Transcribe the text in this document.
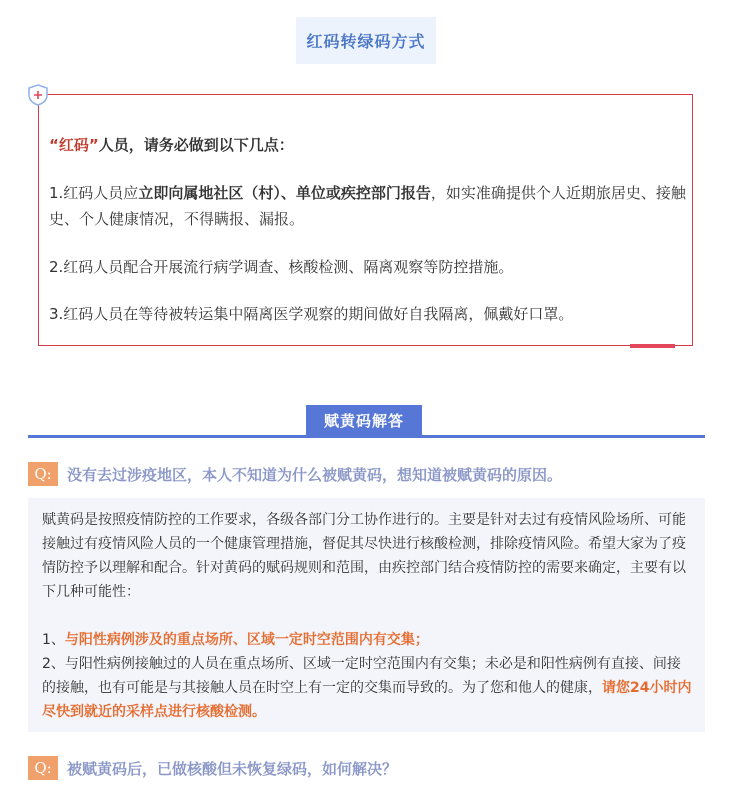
红码转绿码方式

“红码”人员，请务必做到以下几点：

1.红码人员应立即向属地社区（村）、单位或疾控部门报告，如实准确提供个人近期旅居史、接触史、个人健康情况，不得瞒报、漏报。

2.红码人员配合开展流行病学调查、核酸检测、隔离观察等防控措施。

3.红码人员在等待被转运集中隔离医学观察的期间做好自我隔离，佩戴好口罩。

赋黄码解答
Q:	没有去过涉疫地区，本人不知道为什么被赋黄码，想知道被赋黄码的原因。

赋黄码是按照疫情防控的工作要求，各级各部门分工协作进行的。主要是针对去过有疫情风险场所、可能接触过有疫情风险人员的一个健康管理措施，督促其尽快进行核酸检测，排除疫情风险。希望大家为了疫情防控予以理解和配合。针对黄码的赋码规则和范围，由疾控部门结合疫情防控的需要来确定，主要有以下几种可能性：

1、与阳性病例涉及的重点场所、区域一定时空范围内有交集；
2、与阳性病例接触过的人员在重点场所、区域一定时空范围内有交集；未必是和阳性病例有直接、间接的接触，也有可能是与其接触人员在时空上有一定的交集而导致的。为了您和他人的健康，请您24小时内尽快到就近的采样点进行核酸检测。

Q:	被赋黄码后，已做核酸但未恢复绿码，如何解决？
